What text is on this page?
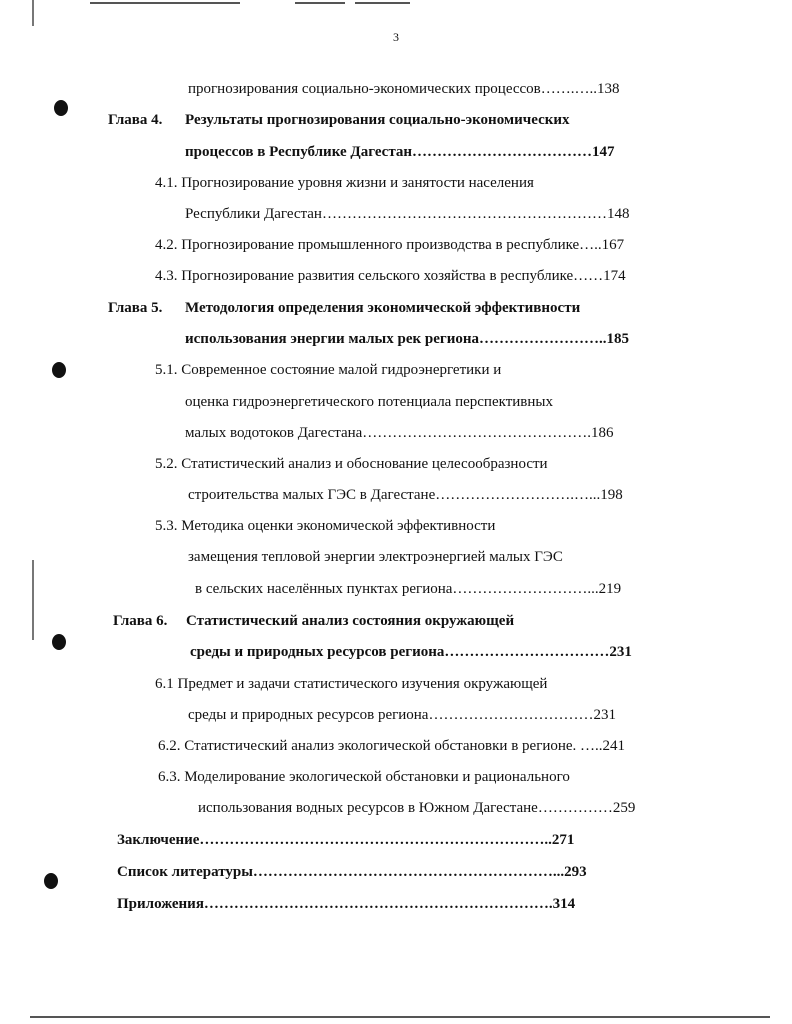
3
прогнозирования социально-экономических процессов…….…..138
Глава 4. Результаты прогнозирования социально-экономических
процессов в Республике Дагестан………………………………147
4.1. Прогнозирование уровня жизни и занятости населения
Республики Дагестан…………………………………………………148
4.2. Прогнозирование промышленного производства в республике…..167
4.3. Прогнозирование развития сельского хозяйства в республике……174
Глава 5. Методология определения экономической эффективности
использования энергии малых рек региона……………………..185
5.1. Современное состояние малой гидроэнергетики и
оценка гидроэнергетического потенциала перспективных
малых водотоков Дагестана……………………………………….186
5.2. Статистический анализ и обоснование целесообразности
строительства малых ГЭС в Дагестане……………………….…...198
5.3. Методика оценки экономической эффективности
замещения тепловой энергии электроэнергией малых ГЭС
в сельских населённых пунктах региона………………………...219
Глава 6. Статистический анализ состояния окружающей
среды и природных ресурсов региона……………………………231
6.1 Предмет и задачи статистического изучения окружающей
среды и природных ресурсов региона……………………………231
6.2. Статистический анализ экологической обстановки в регионе. …..241
6.3. Моделирование экологической обстановки и рационального
использования водных ресурсов в Южном Дагестане……………259
Заключение……………………………………………………………..271
Список литературы……………………………………………………...293
Приложения…………………………………………………………….314
